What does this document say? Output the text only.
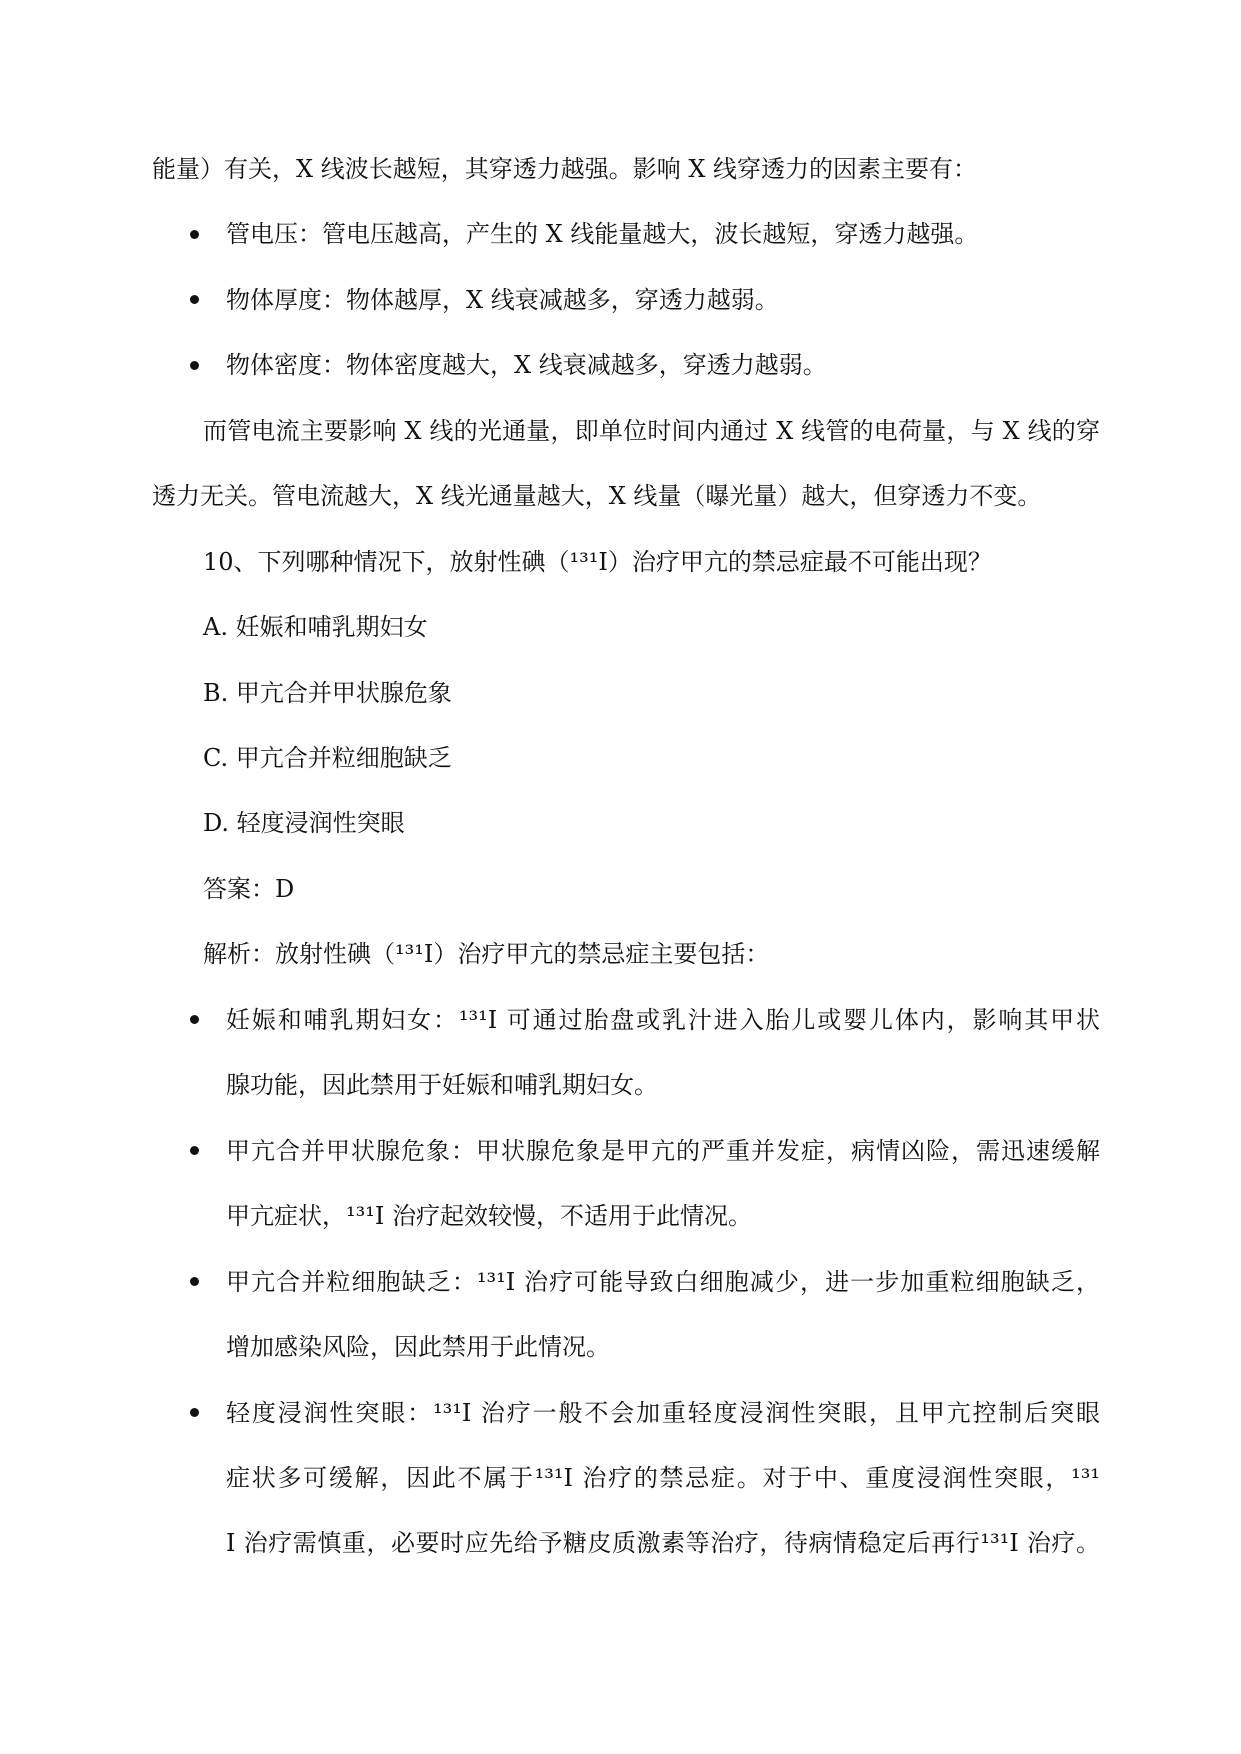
能量）有关，X 线波长越短，其穿透力越强。影响 X 线穿透力的因素主要有：
管电压：管电压越高，产生的 X 线能量越大，波长越短，穿透力越强。
物体厚度：物体越厚，X 线衰减越多，穿透力越弱。
物体密度：物体密度越大，X 线衰减越多，穿透力越弱。
而管电流主要影响 X 线的光通量，即单位时间内通过 X 线管的电荷量，与 X 线的穿
透力无关。管电流越大，X 线光通量越大，X 线量（曝光量）越大，但穿透力不变。
10、下列哪种情况下，放射性碘（¹³¹I）治疗甲亢的禁忌症最不可能出现？
A. 妊娠和哺乳期妇女
B. 甲亢合并甲状腺危象
C. 甲亢合并粒细胞缺乏
D. 轻度浸润性突眼
答案：D
解析：放射性碘（¹³¹I）治疗甲亢的禁忌症主要包括：
妊娠和哺乳期妇女：¹³¹I 可通过胎盘或乳汁进入胎儿或婴儿体内，影响其甲状
腺功能，因此禁用于妊娠和哺乳期妇女。
甲亢合并甲状腺危象：甲状腺危象是甲亢的严重并发症，病情凶险，需迅速缓解
甲亢症状，¹³¹I 治疗起效较慢，不适用于此情况。
甲亢合并粒细胞缺乏：¹³¹I 治疗可能导致白细胞减少，进一步加重粒细胞缺乏，
增加感染风险，因此禁用于此情况。
轻度浸润性突眼：¹³¹I 治疗一般不会加重轻度浸润性突眼，且甲亢控制后突眼
症状多可缓解，因此不属于¹³¹I 治疗的禁忌症。对于中、重度浸润性突眼，¹³¹
I 治疗需慎重，必要时应先给予糖皮质激素等治疗，待病情稳定后再行¹³¹I 治疗。
